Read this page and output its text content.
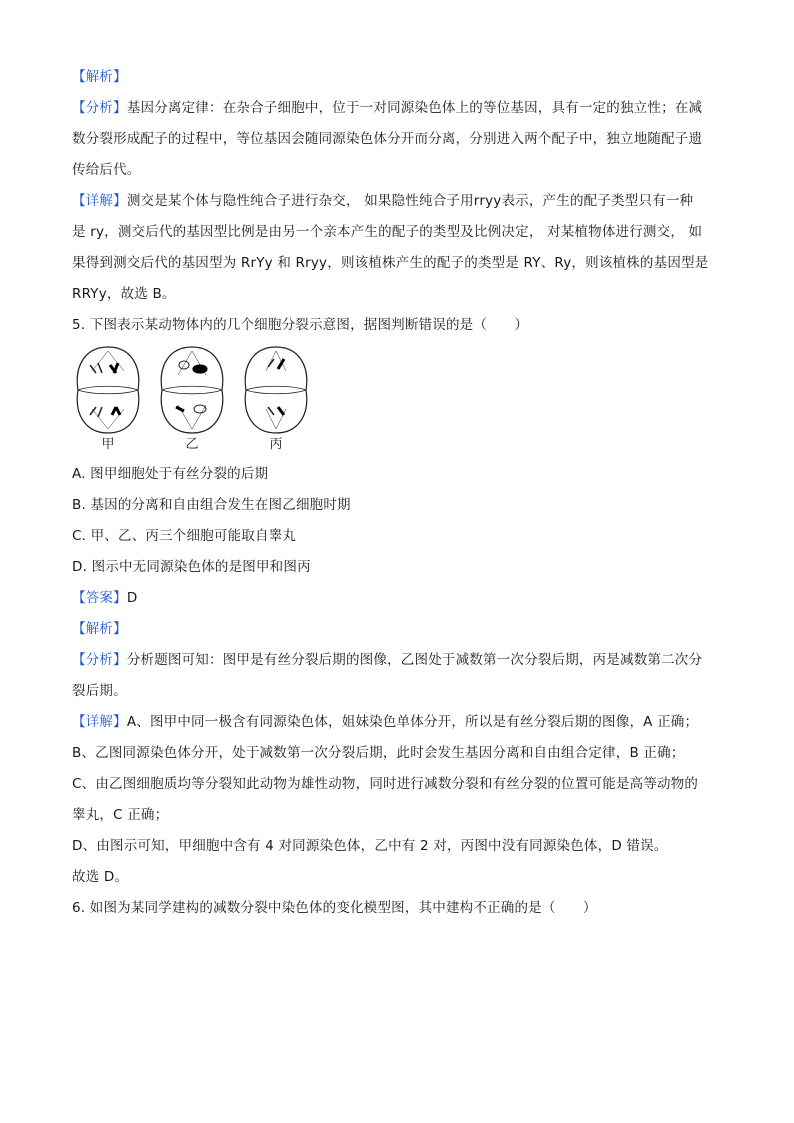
【解析】
【分析】基因分离定律：在杂合子细胞中，位于一对同源染色体上的等位基因，具有一定的独立性；在减
数分裂形成配子的过程中，等位基因会随同源染色体分开而分离，分别进入两个配子中，独立地随配子遗
传给后代。
【详解】测交是某个体与隐性纯合子进行杂交， 如果隐性纯合子用rryy表示，产生的配子类型只有一种
是 ry，测交后代的基因型比例是由另一个亲本产生的配子的类型及比例决定， 对某植物体进行测交， 如
果得到测交后代的基因型为 RrYy 和 Rryy，则该植株产生的配子的类型是 RY、Ry，则该植株的基因型是
RRYy，故选 B。
5. 下图表示某动物体内的几个细胞分裂示意图，据图判断错误的是（　　）
甲	乙	丙
A. 图甲细胞处于有丝分裂的后期
B. 基因的分离和自由组合发生在图乙细胞时期
C. 甲、乙、丙三个细胞可能取自睾丸
D. 图示中无同源染色体的是图甲和图丙
【答案】D
【解析】
【分析】分析题图可知：图甲是有丝分裂后期的图像，乙图处于减数第一次分裂后期，丙是减数第二次分
裂后期。
【详解】A、图甲中同一极含有同源染色体，姐妹染色单体分开，所以是有丝分裂后期的图像，A 正确；
B、乙图同源染色体分开，处于减数第一次分裂后期，此时会发生基因分离和自由组合定律，B 正确；
C、由乙图细胞质均等分裂知此动物为雄性动物，同时进行减数分裂和有丝分裂的位置可能是高等动物的
睾丸，C 正确；
D、由图示可知，甲细胞中含有 4 对同源染色体，乙中有 2 对，丙图中没有同源染色体，D 错误。
故选 D。
6. 如图为某同学建构的减数分裂中染色体的变化模型图，其中建构不正确的是（　　）
